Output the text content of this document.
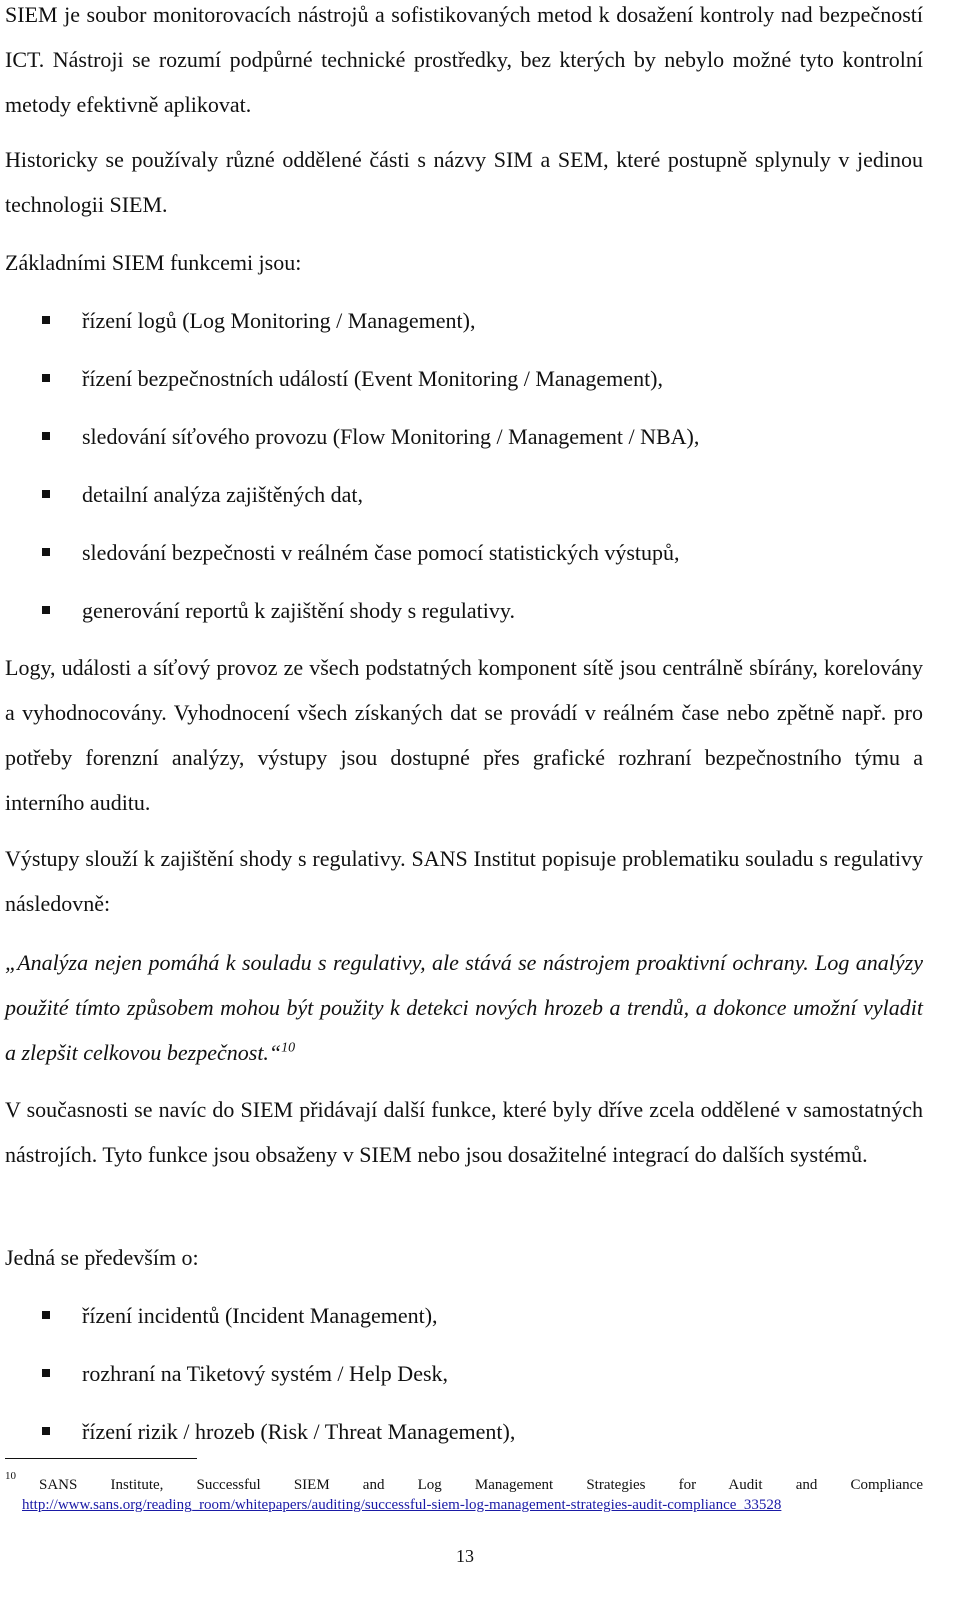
SIEM je soubor monitorovacích nástrojů a sofistikovaných metod k dosažení kontroly nad bezpečností ICT. Nástroji se rozumí podpůrné technické prostředky, bez kterých by nebylo možné tyto kontrolní metody efektivně aplikovat.

Historicky se používaly různé oddělené části s názvy SIM a SEM, které postupně splynuly v jedinou technologii SIEM.

Základními SIEM funkcemi jsou:

řízení logů (Log Monitoring / Management),
řízení bezpečnostních událostí (Event Monitoring / Management),
sledování síťového provozu (Flow Monitoring / Management / NBA),
detailní analýza zajištěných dat,
sledování bezpečnosti v reálném čase pomocí statistických výstupů,
generování reportů k zajištění shody s regulativy.

Logy, události a síťový provoz ze všech podstatných komponent sítě jsou centrálně sbírány, korelovány a vyhodnocovány. Vyhodnocení všech získaných dat se provádí v reálném čase nebo zpětně např. pro potřeby forenzní analýzy, výstupy jsou dostupné přes grafické rozhraní bezpečnostního týmu a interního auditu.

Výstupy slouží k zajištění shody s regulativy. SANS Institut popisuje problematiku souladu s regulativy následovně:

„Analýza nejen pomáhá k souladu s regulativy, ale stává se nástrojem proaktivní ochrany. Log analýzy použité tímto způsobem mohou být použity k detekci nových hrozeb a trendů, a dokonce umožní vyladit a zlepšit celkovou bezpečnost.“$^{10}$

V současnosti se navíc do SIEM přidávají další funkce, které byly dříve zcela oddělené v samostatných nástrojích. Tyto funkce jsou obsaženy v SIEM nebo jsou dosažitelné integrací do dalších systémů.

Jedná se především o:

řízení incidentů (Incident Management),
rozhraní na Tiketový systém / Help Desk,
řízení rizik / hrozeb (Risk / Threat Management),
10
SANS Institute, Successful SIEM and Log Management Strategies for Audit and Compliance
http://www.sans.org/reading_room/whitepapers/auditing/successful-siem-log-management-strategies-audit-compliance_33528
13
